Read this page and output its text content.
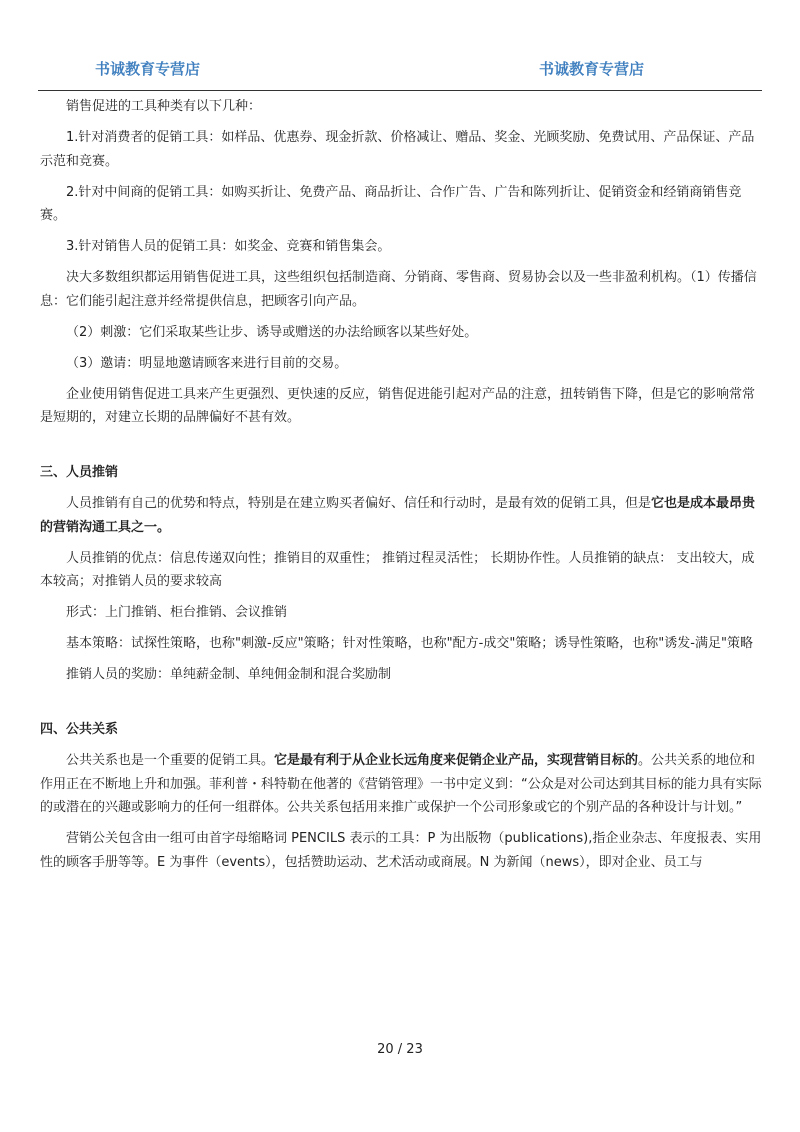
书诚教育专营店	书诚教育专营店

销售促进的工具种类有以下几种：

1.针对消费者的促销工具：如样品、优惠券、现金折款、价格减让、赠品、奖金、光顾奖励、免费试用、产品保证、产品示范和竞赛。

2.针对中间商的促销工具：如购买折让、免费产品、商品折让、合作广告、广告和陈列折让、促销资金和经销商销售竞赛。

3.针对销售人员的促销工具：如奖金、竞赛和销售集会。

决大多数组织都运用销售促进工具，这些组织包括制造商、分销商、零售商、贸易协会以及一些非盈利机构。（1）传播信息：它们能引起注意并经常提供信息，把顾客引向产品。

（2）刺激：它们采取某些让步、诱导或赠送的办法给顾客以某些好处。

（3）邀请：明显地邀请顾客来进行目前的交易。

企业使用销售促进工具来产生更强烈、更快速的反应，销售促进能引起对产品的注意，扭转销售下降，但是它的影响常常是短期的，对建立长期的品牌偏好不甚有效。

三、人员推销

人员推销有自己的优势和特点，特别是在建立购买者偏好、信任和行动时，是最有效的促销工具，但是它也是成本最昂贵的营销沟通工具之一。

人员推销的优点：信息传递双向性；推销目的双重性； 推销过程灵活性； 长期协作性。人员推销的缺点： 支出较大，成本较高；对推销人员的要求较高

形式：上门推销、柜台推销、会议推销

基本策略：试探性策略，也称"刺激-反应"策略；针对性策略，也称"配方-成交"策略；诱导性策略，也称"诱发-满足"策略

推销人员的奖励：单纯薪金制、单纯佣金制和混合奖励制

四、公共关系

公共关系也是一个重要的促销工具。它是最有利于从企业长远角度来促销企业产品，实现营销目标的。公共关系的地位和作用正在不断地上升和加强。菲利普・科特勒在他著的《营销管理》一书中定义到：“公众是对公司达到其目标的能力具有实际的或潜在的兴趣或影响力的任何一组群体。公共关系包括用来推广或保护一个公司形象或它的个别产品的各种设计与计划。”

营销公关包含由一组可由首字母缩略词 PENCILS 表示的工具：P 为出版物（publications),指企业杂志、年度报表、实用性的顾客手册等等。E 为事件（events），包括赞助运动、艺术活动或商展。N 为新闻（news），即对企业、员工与

20 / 23
